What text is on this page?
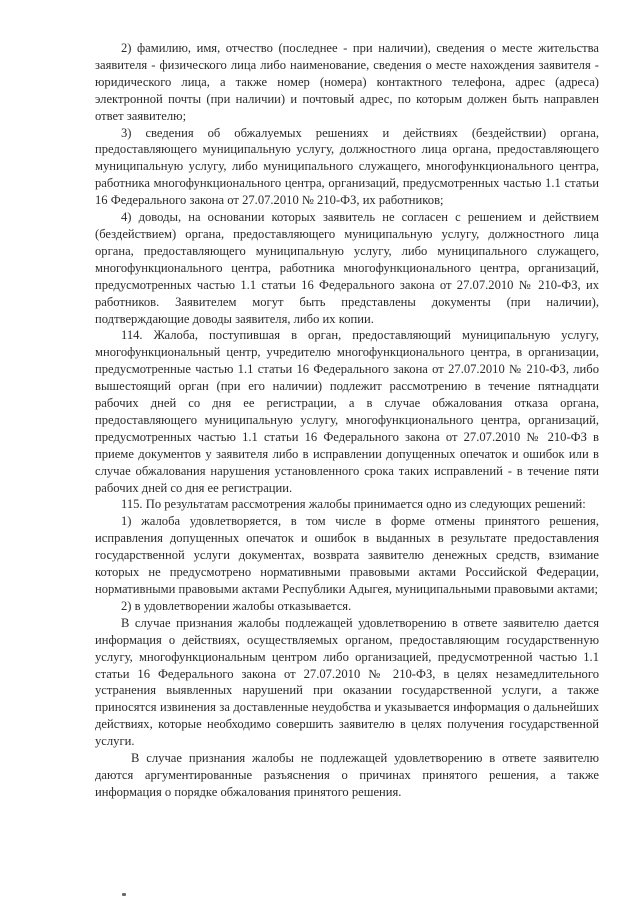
2) фамилию, имя, отчество (последнее - при наличии), сведения о месте жительства заявителя - физического лица либо наименование, сведения о месте нахождения заявителя - юридического лица, а также номер (номера) контактного телефона, адрес (адреса) электронной почты (при наличии) и почтовый адрес, по которым должен быть направлен ответ заявителю;

3) сведения об обжалуемых решениях и действиях (бездействии) органа, предоставляющего муниципальную услугу, должностного лица органа, предоставляющего муниципальную услугу, либо муниципального служащего, многофункционального центра, работника многофункционального центра, организаций, предусмотренных частью 1.1 статьи 16 Федерального закона от 27.07.2010 № 210-ФЗ, их работников;

4) доводы, на основании которых заявитель не согласен с решением и действием (бездействием) органа, предоставляющего муниципальную услугу, должностного лица органа, предоставляющего муниципальную услугу, либо муниципального служащего, многофункционального центра, работника многофункционального центра, организаций, предусмотренных частью 1.1 статьи 16 Федерального закона от 27.07.2010 № 210-ФЗ, их работников. Заявителем могут быть представлены документы (при наличии), подтверждающие доводы заявителя, либо их копии.

114. Жалоба, поступившая в орган, предоставляющий муниципальную услугу, многофункциональный центр, учредителю многофункционального центра, в организации, предусмотренные частью 1.1 статьи 16 Федерального закона от 27.07.2010 № 210-ФЗ, либо вышестоящий орган (при его наличии) подлежит рассмотрению в течение пятнадцати рабочих дней со дня ее регистрации, а в случае обжалования отказа органа, предоставляющего муниципальную услугу, многофункционального центра, организаций, предусмотренных частью 1.1 статьи 16 Федерального закона от 27.07.2010 № 210-ФЗ в приеме документов у заявителя либо в исправлении допущенных опечаток и ошибок или в случае обжалования нарушения установленного срока таких исправлений - в течение пяти рабочих дней со дня ее регистрации.

115. По результатам рассмотрения жалобы принимается одно из следующих решений:

1) жалоба удовлетворяется, в том числе в форме отмены принятого решения, исправления допущенных опечаток и ошибок в выданных в результате предоставления государственной услуги документах, возврата заявителю денежных средств, взимание которых не предусмотрено нормативными правовыми актами Российской Федерации, нормативными правовыми актами Республики Адыгея, муниципальными правовыми актами;

2) в удовлетворении жалобы отказывается.

В случае признания жалобы подлежащей удовлетворению в ответе заявителю дается информация о действиях, осуществляемых органом, предоставляющим государственную услугу, многофункциональным центром либо организацией, предусмотренной частью 1.1 статьи 16 Федерального закона от 27.07.2010 № 210-ФЗ, в целях незамедлительного устранения выявленных нарушений при оказании государственной услуги, а также приносятся извинения за доставленные неудобства и указывается информация о дальнейших действиях, которые необходимо совершить заявителю в целях получения государственной услуги.

В случае признания жалобы не подлежащей удовлетворению в ответе заявителю даются аргументированные разъяснения о причинах принятого решения, а также информация о порядке обжалования принятого решения.
